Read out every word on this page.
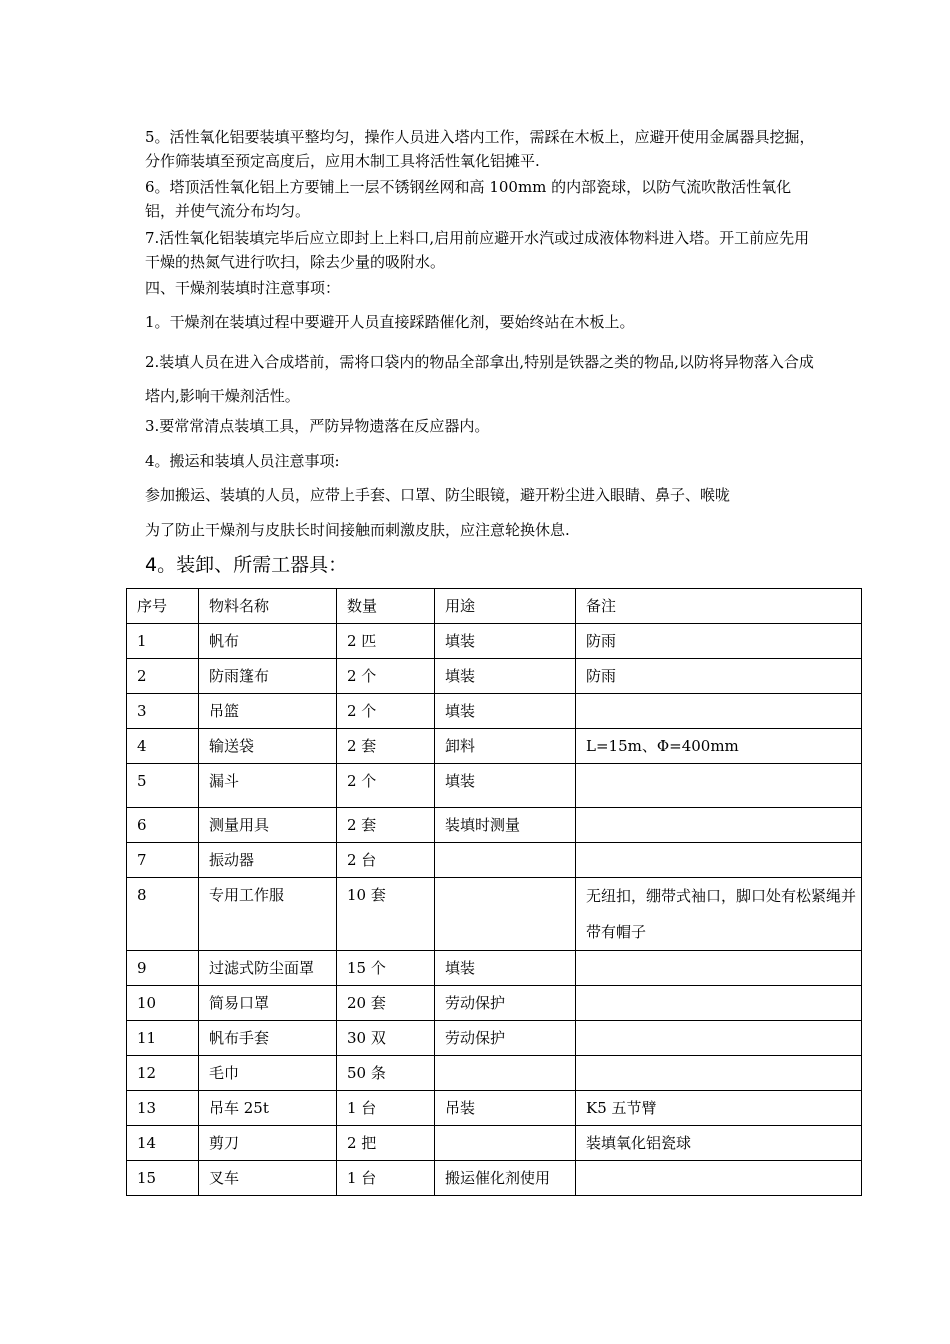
5。活性氧化铝要装填平整均匀，操作人员进入塔内工作，需踩在木板上，应避开使用金属器具挖掘，分作筛装填至预定高度后，应用木制工具将活性氧化铝摊平.

6。塔顶活性氧化铝上方要铺上一层不锈钢丝网和高 100mm 的内部瓷球，以防气流吹散活性氧化铝，并使气流分布均匀。

7.活性氧化铝装填完毕后应立即封上上料口,启用前应避开水汽或过成液体物料进入塔。开工前应先用干燥的热氮气进行吹扫，除去少量的吸附水。

四、干燥剂装填时注意事项：

1。干燥剂在装填过程中要避开人员直接踩踏催化剂，要始终站在木板上。

2.装填人员在进入合成塔前，需将口袋内的物品全部拿出,特别是铁器之类的物品,以防将异物落入合成塔内,影响干燥剂活性。

3.要常常清点装填工具，严防异物遗落在反应器内。

4。搬运和装填人员注意事项:

参加搬运、装填的人员，应带上手套、口罩、防尘眼镜，避开粉尘进入眼睛、鼻子、喉咙

为了防止干燥剂与皮肤长时间接触而刺激皮肤，应注意轮换休息.

4。装卸、所需工器具：
序号	物料名称	数量	用途	备注
1	帆布	2 匹	填装	防雨
2	防雨篷布	2 个	填装	防雨
3	吊篮	2 个	填装	
4	输送袋	2 套	卸料	L=15m、Φ=400mm
5	漏斗	2 个	填装	
6	测量用具	2 套	装填时测量	
7	振动器	2 台		
8	专用工作服	10 套		无纽扣，绷带式袖口，脚口处有松紧绳并带有帽子
9	过滤式防尘面罩	15 个	填装	
10	简易口罩	20 套	劳动保护	
11	帆布手套	30 双	劳动保护	
12	毛巾	50 条		
13	吊车 25t	1 台	吊装	K5 五节臂
14	剪刀	2 把		装填氧化铝瓷球
15	叉车	1 台	搬运催化剂使用	
